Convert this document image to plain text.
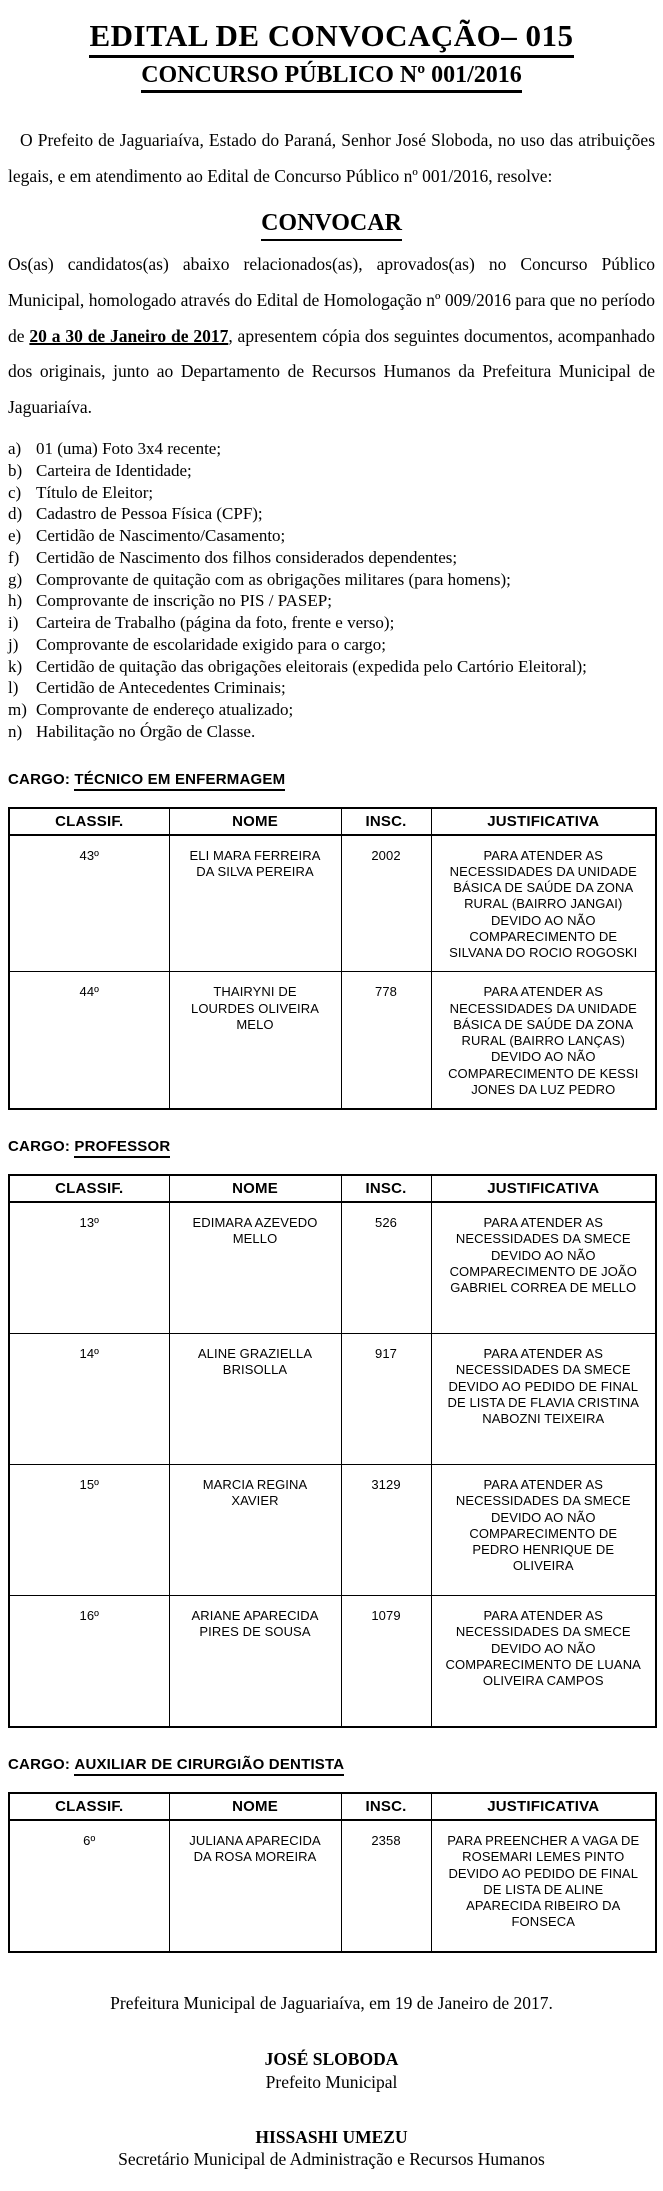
EDITAL DE CONVOCAÇÃO– 015
CONCURSO PÚBLICO Nº 001/2016

O Prefeito de Jaguariaíva, Estado do Paraná, Senhor José Sloboda, no uso das atribuições legais, e em atendimento ao Edital de Concurso Público nº 001/2016, resolve:

CONVOCAR

Os(as) candidatos(as) abaixo relacionados(as), aprovados(as) no Concurso Público Municipal, homologado através do Edital de Homologação nº 009/2016 para que no período de 20 a 30 de Janeiro de 2017, apresentem cópia dos seguintes documentos, acompanhado dos originais, junto ao Departamento de Recursos Humanos da Prefeitura Municipal de Jaguariaíva.

a) 01 (uma) Foto 3x4 recente;
b) Carteira de Identidade;
c) Título de Eleitor;
d) Cadastro de Pessoa Física (CPF);
e) Certidão de Nascimento/Casamento;
f) Certidão de Nascimento dos filhos considerados dependentes;
g) Comprovante de quitação com as obrigações militares (para homens);
h) Comprovante de inscrição no PIS / PASEP;
i)	Carteira de Trabalho (página da foto, frente e verso);
j)	Comprovante de escolaridade exigido para o cargo;
k) Certidão de quitação das obrigações eleitorais (expedida pelo Cartório Eleitoral);
l)	Certidão de Antecedentes Criminais;
m) Comprovante de endereço atualizado;
n) Habilitação no Órgão de Classe.
CARGO: TÉCNICO EM ENFERMAGEM
CLASSIF.	NOME	INSC.	JUSTIFICATIVA
43º	ELI MARA FERREIRA DA SILVA PEREIRA	2002	PARA ATENDER AS NECESSIDADES DA UNIDADE BÁSICA DE SAÚDE DA ZONA RURAL (BAIRRO JANGAI) DEVIDO AO NÃO COMPARECIMENTO DE SILVANA DO ROCIO ROGOSKI
44º	THAIRYNI DE LOURDES OLIVEIRA MELO	778	PARA ATENDER AS NECESSIDADES DA UNIDADE BÁSICA DE SAÚDE DA ZONA RURAL (BAIRRO LANÇAS) DEVIDO AO NÃO COMPARECIMENTO DE KESSI JONES DA LUZ PEDRO
CARGO: PROFESSOR
CLASSIF.	NOME	INSC.	JUSTIFICATIVA
13º	EDIMARA AZEVEDO MELLO	526	PARA ATENDER AS NECESSIDADES DA SMECE DEVIDO AO NÃO COMPARECIMENTO DE JOÃO GABRIEL CORREA DE MELLO
14º	ALINE GRAZIELLA BRISOLLA	917	PARA ATENDER AS NECESSIDADES DA SMECE DEVIDO AO PEDIDO DE FINAL DE LISTA DE FLAVIA CRISTINA NABOZNI TEIXEIRA
15º	MARCIA REGINA XAVIER	3129	PARA ATENDER AS NECESSIDADES DA SMECE DEVIDO AO NÃO COMPARECIMENTO DE PEDRO HENRIQUE DE OLIVEIRA
16º	ARIANE APARECIDA PIRES DE SOUSA	1079	PARA ATENDER AS NECESSIDADES DA SMECE DEVIDO AO NÃO COMPARECIMENTO DE LUANA OLIVEIRA CAMPOS
CARGO: AUXILIAR DE CIRURGIÃO DENTISTA
CLASSIF.	NOME	INSC.	JUSTIFICATIVA
6º	JULIANA APARECIDA DA ROSA MOREIRA	2358	PARA PREENCHER A VAGA DE ROSEMARI LEMES PINTO DEVIDO AO PEDIDO DE FINAL DE LISTA DE ALINE APARECIDA RIBEIRO DA FONSECA

Prefeitura Municipal de Jaguariaíva, em 19 de Janeiro de 2017.

JOSÉ SLOBODA
Prefeito Municipal
HISSASHI UMEZU
Secretário Municipal de Administração e Recursos Humanos
